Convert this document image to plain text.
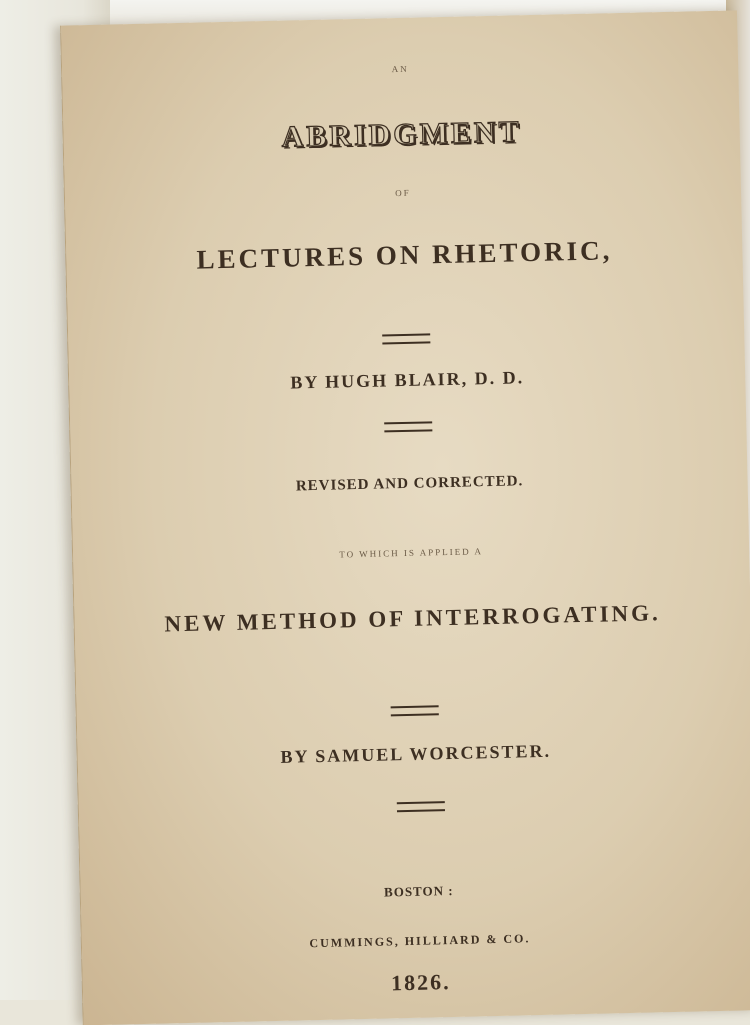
AN
ABRIDGMENT
OF
LECTURES ON RHETORIC,
BY HUGH BLAIR, D. D.
REVISED AND CORRECTED.
TO WHICH IS APPLIED A
NEW METHOD OF INTERROGATING.
BY SAMUEL WORCESTER.
BOSTON :
CUMMINGS, HILLIARD & CO.
1826.
